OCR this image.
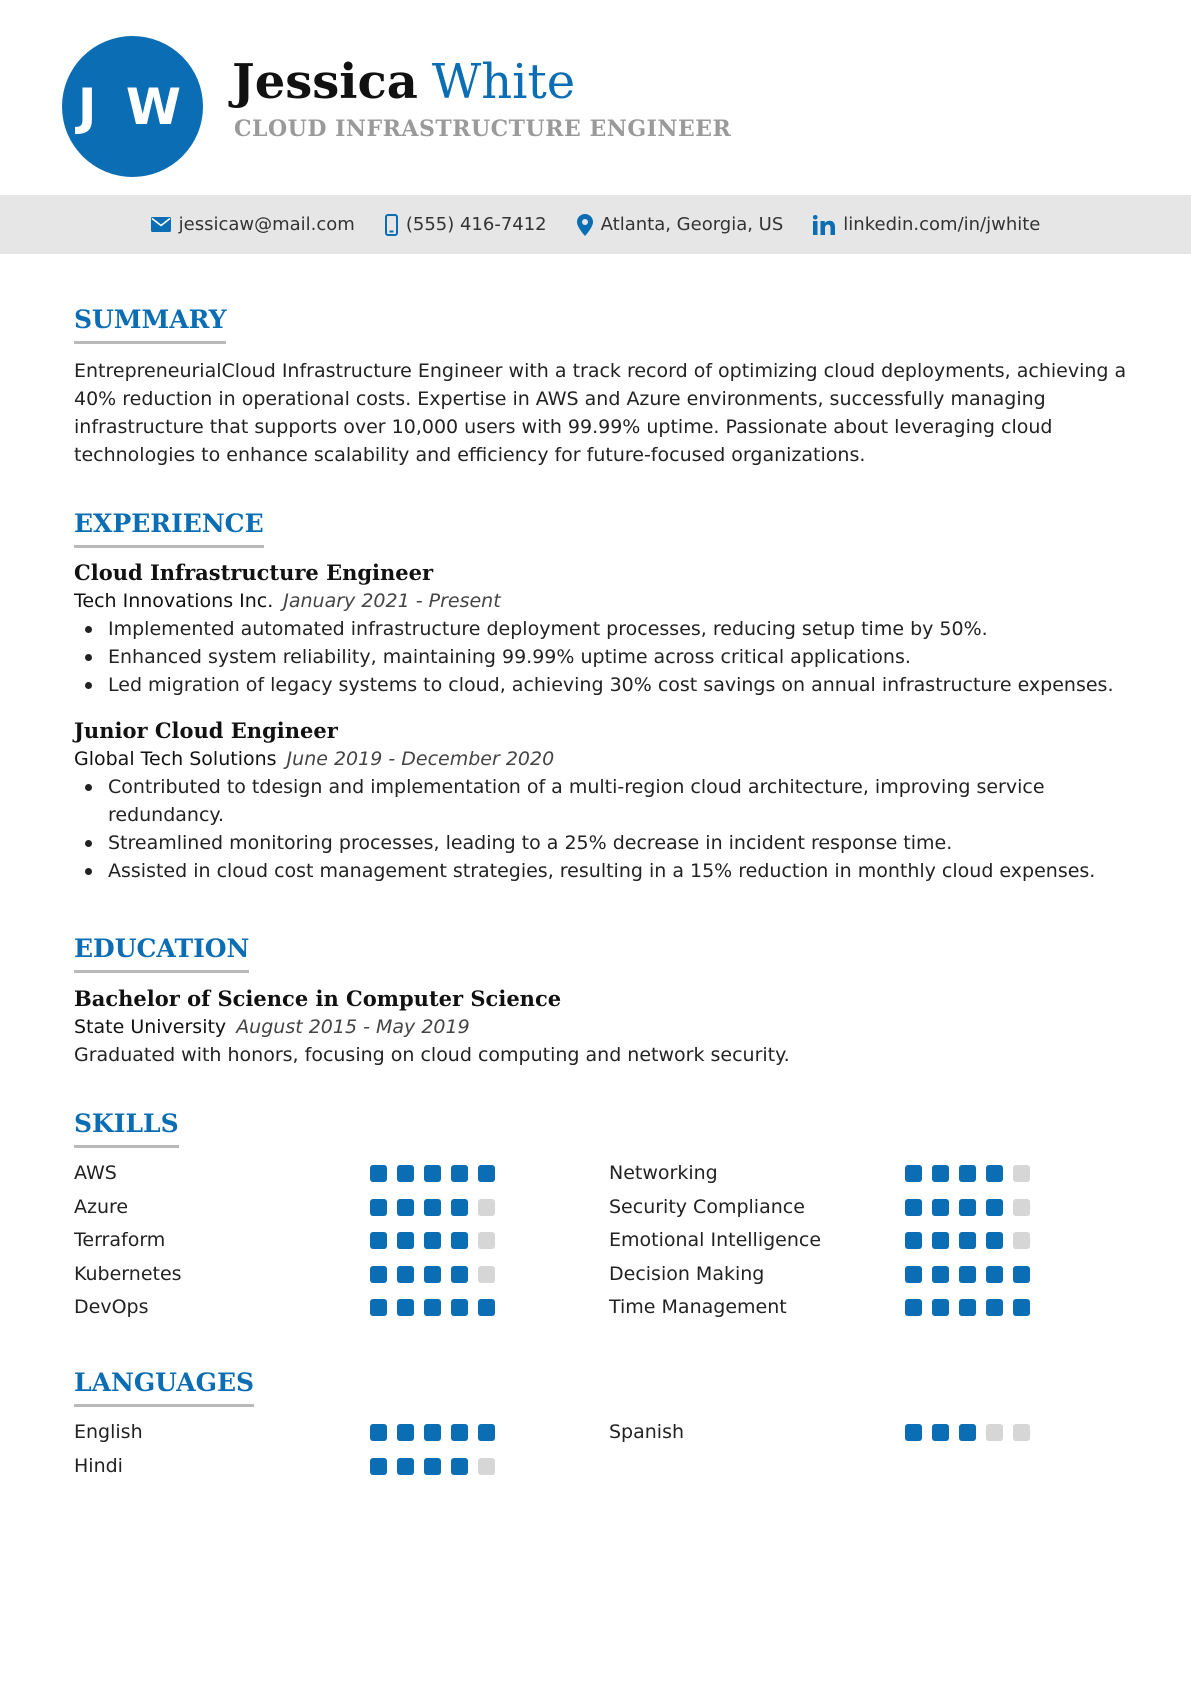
J W Jessica White
CLOUD INFRASTRUCTURE ENGINEER
jessicaw@mail.com	(555) 416-7412	Atlanta, Georgia, US	linkedin.com/in/jwhite
SUMMARY
EntrepreneurialCloud Infrastructure Engineer with a track record of optimizing cloud deployments, achieving a 40% reduction in operational costs. Expertise in AWS and Azure environments, successfully managing infrastructure that supports over 10,000 users with 99.99% uptime. Passionate about leveraging cloud technologies to enhance scalability and efficiency for future-focused organizations.
EXPERIENCE
Cloud Infrastructure Engineer
Tech Innovations Inc. January 2021 - Present
Implemented automated infrastructure deployment processes, reducing setup time by 50%.
Enhanced system reliability, maintaining 99.99% uptime across critical applications.
Led migration of legacy systems to cloud, achieving 30% cost savings on annual infrastructure expenses.
Junior Cloud Engineer
Global Tech Solutions June 2019 - December 2020
Contributed to tdesign and implementation of a multi-region cloud architecture, improving service redundancy.
Streamlined monitoring processes, leading to a 25% decrease in incident response time.
Assisted in cloud cost management strategies, resulting in a 15% reduction in monthly cloud expenses.
EDUCATION
Bachelor of Science in Computer Science
State University August 2015 - May 2019
Graduated with honors, focusing on cloud computing and network security.
SKILLS
AWS	Networking
Azure	Security Compliance
Terraform	Emotional Intelligence
Kubernetes	Decision Making
DevOps	Time Management
LANGUAGES
English	Spanish
Hindi
